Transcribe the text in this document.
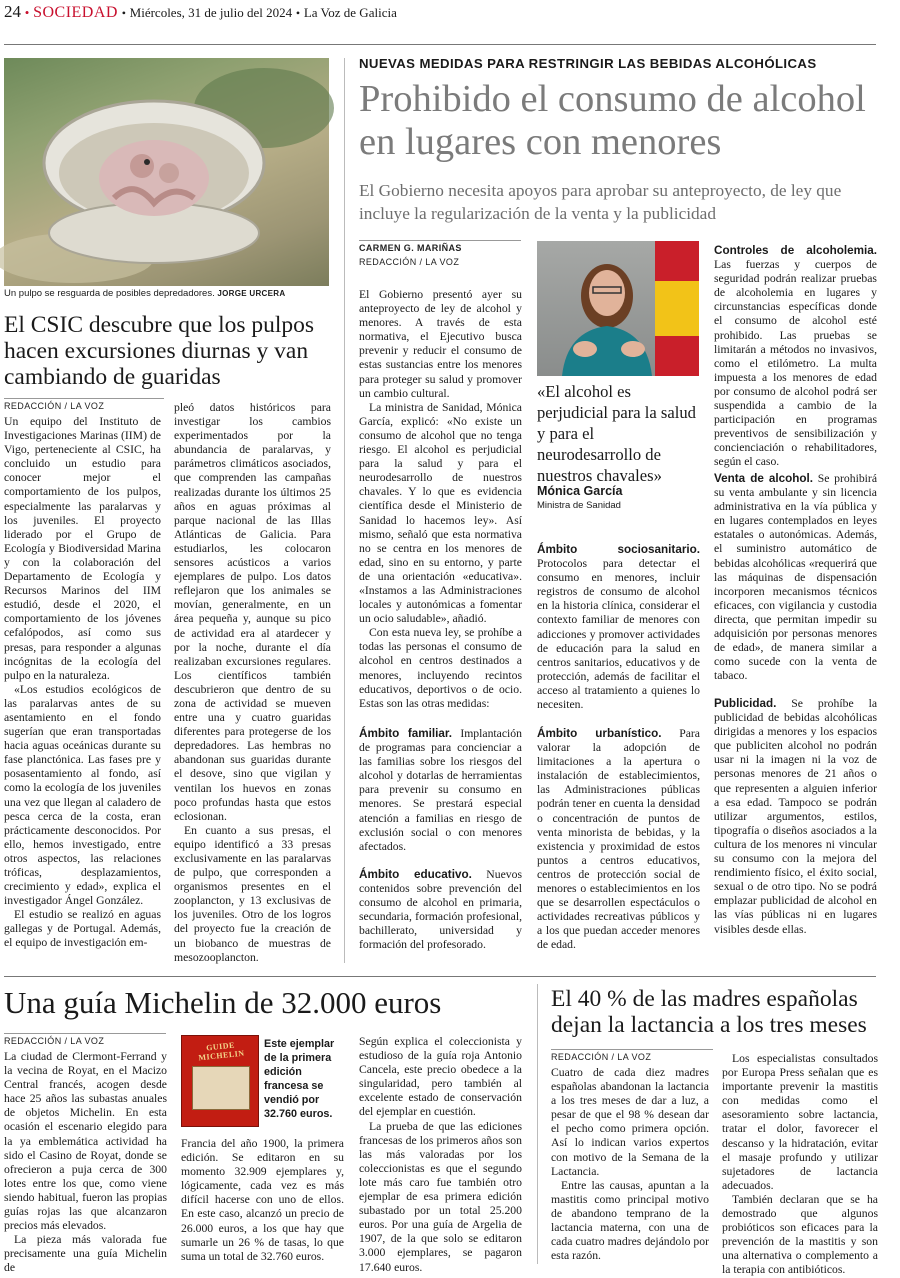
24 • SOCIEDAD • Miércoles, 31 de julio del 2024 • La Voz de Galicia
Un pulpo se resguarda de posibles depredadores. JORGE URCERA
El CSIC descubre que los pulpos hacen excursiones diurnas y van cambiando de guaridas
REDACCIÓN / LA VOZ

Un equipo del Instituto de Investigaciones Marinas (IIM) de Vigo, perteneciente al CSIC, ha concluido un estudio para conocer mejor el comportamiento de los pulpos, especialmente las paralarvas y los juveniles. El proyecto liderado por el Grupo de Ecología y Biodiversidad Marina y con la colaboración del Departamento de Ecología y Recursos Marinos del IIM estudió, desde el 2020, el comportamiento de los jóvenes cefalópodos, así como sus presas, para responder a algunas incógnitas de la ecología del pulpo en la naturaleza.

«Los estudios ecológicos de las paralarvas antes de su asentamiento en el fondo sugerían que eran transportadas hacia aguas oceánicas durante su fase planctónica. Las fases pre y posasentamiento al fondo, así como la ecología de los juveniles una vez que llegan al caladero de pesca cerca de la costa, eran prácticamente desconocidos. Por ello, hemos investigado, entre otros aspectos, las relaciones tróficas, desplazamientos, crecimiento y edad», explica el investigador Ángel González.

El estudio se realizó en aguas gallegas y de Portugal. Además, el equipo de investigación em-

pleó datos históricos para investigar los cambios experimentados por la abundancia de paralarvas, y parámetros climáticos asociados, que comprenden las campañas realizadas durante los últimos 25 años en aguas próximas al parque nacional de las Illas Atlánticas de Galicia. Para estudiarlos, les colocaron sensores acústicos a varios ejemplares de pulpo. Los datos reflejaron que los animales se movían, generalmente, en un área pequeña y, aunque su pico de actividad era al atardecer y por la noche, durante el día realizaban excursiones regulares. Los científicos también descubrieron que dentro de su zona de actividad se mueven entre una y cuatro guaridas diferentes para protegerse de los depredadores. Las hembras no abandonan sus guaridas durante el desove, sino que vigilan y ventilan los huevos en zonas poco profundas hasta que estos eclosionan.

En cuanto a sus presas, el equipo identificó a 33 presas exclusivamente en las paralarvas de pulpo, que corresponden a organismos presentes en el zooplancton, y 13 exclusivas de los juveniles. Otro de los logros del proyecto fue la creación de un biobanco de muestras de mesozooplancton.

NUEVAS MEDIDAS PARA RESTRINGIR LAS BEBIDAS ALCOHÓLICAS
Prohibido el consumo de alcohol en lugares con menores
El Gobierno necesita apoyos para aprobar su anteproyecto, de ley que incluye la regularización de la venta y la publicidad
CARMEN G. MARIÑAS
REDACCIÓN / LA VOZ

El Gobierno presentó ayer su anteproyecto de ley de alcohol y menores. A través de esta normativa, el Ejecutivo busca prevenir y reducir el consumo de estas sustancias entre los menores para proteger su salud y promover un cambio cultural.

La ministra de Sanidad, Mónica García, explicó: «No existe un consumo de alcohol que no tenga riesgo. El alcohol es perjudicial para la salud y para el neurodesarrollo de nuestros chavales. Y lo que es evidencia científica desde el Ministerio de Sanidad lo hacemos ley». Así mismo, señaló que esta normativa no se centra en los menores de edad, sino en su entorno, y parte de una orientación «educativa». «Instamos a las Administraciones locales y autonómicas a fomentar un ocio saludable», añadió.

Con esta nueva ley, se prohíbe a todas las personas el consumo de alcohol en centros destinados a menores, incluyendo recintos educativos, deportivos o de ocio. Estas son las otras medidas:

Ámbito familiar. Implantación de programas para concienciar a las familias sobre los riesgos del alcohol y dotarlas de herramientas para prevenir su consumo en menores. Se prestará especial atención a familias en riesgo de exclusión social o con menores afectados.
Ámbito educativo. Nuevos contenidos sobre prevención del consumo de alcohol en primaria, secundaria, formación profesional, bachillerato, universidad y formación del profesorado.
«El alcohol es perjudicial para la salud y para el neurodesarrollo de nuestros chavales»
Mónica García
Ministra de Sanidad
Ámbito sociosanitario. Protocolos para detectar el consumo en menores, incluir registros de consumo de alcohol en la historia clínica, considerar el contexto familiar de menores con adicciones y promover actividades de educación para la salud en centros sanitarios, educativos y de protección, además de facilitar el acceso al tratamiento a quienes lo necesiten.
Ámbito urbanístico. Para valorar la adopción de limitaciones a la apertura o instalación de establecimientos, las Administraciones públicas podrán tener en cuenta la densidad o concentración de puntos de venta minorista de bebidas, y la existencia y proximidad de estos puntos a centros educativos, centros de protección social de menores o establecimientos en los que se desarrollen espectáculos o actividades recreativas públicos y a los que puedan acceder menores de edad.
Controles de alcoholemia. Las fuerzas y cuerpos de seguridad podrán realizar pruebas de alcoholemia en lugares y circunstancias específicas donde el consumo de alcohol esté prohibido. Las pruebas se limitarán a métodos no invasivos, como el etilómetro. La multa impuesta a los menores de edad por consumo de alcohol podrá ser suspendida a cambio de la participación en programas preventivos de sensibilización y concienciación o rehabilitadores, según el caso.
Venta de alcohol. Se prohibirá su venta ambulante y sin licencia administrativa en la vía pública y en lugares contemplados en leyes estatales o autonómicas. Además, el suministro automático de bebidas alcohólicas «requerirá que las máquinas de dispensación incorporen mecanismos técnicos eficaces, con vigilancia y custodia directa, que permitan impedir su adquisición por personas menores de edad», de manera similar a como sucede con la venta de tabaco.
Publicidad. Se prohíbe la publicidad de bebidas alcohólicas dirigidas a menores y los espacios que publiciten alcohol no podrán usar ni la imagen ni la voz de personas menores de 21 años o que representen a alguien inferior a esa edad. Tampoco se podrán utilizar argumentos, estilos, tipografía o diseños asociados a la cultura de los menores ni vincular su consumo con la mejora del rendimiento físico, el éxito social, sexual o de otro tipo. No se podrá emplazar publicidad de alcohol en las vías públicas ni en lugares visibles desde ellas.
Una guía Michelin de 32.000 euros
REDACCIÓN / LA VOZ

La ciudad de Clermont-Ferrand y la vecina de Royat, en el Macizo Central francés, acogen desde hace 25 años las subastas anuales de objetos Michelin. En esta ocasión el escenario elegido para la ya emblemática actividad ha sido el Casino de Royat, donde se ofrecieron a puja cerca de 300 lotes entre los que, como viene siendo habitual, fueron las propias guías rojas las que alcanzaron precios más elevados.

La pieza más valorada fue precisamente una guía Michelin de

GUIDE MICHELIN
Este ejemplar de la primera edición francesa se vendió por 32.760 euros.

Francia del año 1900, la primera edición. Se editaron en su momento 32.909 ejemplares y, lógicamente, cada vez es más difícil hacerse con uno de ellos. En este caso, alcanzó un precio de 26.000 euros, a los que hay que sumarle un 26 % de tasas, lo que suma un total de 32.760 euros.

Según explica el coleccionista y estudioso de la guía roja Antonio Cancela, este precio obedece a la singularidad, pero también al excelente estado de conservación del ejemplar en cuestión.

La prueba de que las ediciones francesas de los primeros años son las más valoradas por los coleccionistas es que el segundo lote más caro fue también otro ejemplar de esa primera edición subastado por un total 25.200 euros. Por una guía de Argelia de 1907, de la que solo se editaron 3.000 ejemplares, se pagaron 17.640 euros.

El 40 % de las madres españolas dejan la lactancia a los tres meses
REDACCIÓN / LA VOZ

Cuatro de cada diez madres españolas abandonan la lactancia a los tres meses de dar a luz, a pesar de que el 98 % desean dar el pecho como primera opción. Así lo indican varios expertos con motivo de la Semana de la Lactancia.

Entre las causas, apuntan a la mastitis como principal motivo de abandono temprano de la lactancia materna, con una de cada cuatro madres dejándolo por esta razón.

Los especialistas consultados por Europa Press señalan que es importante prevenir la mastitis con medidas como el asesoramiento sobre lactancia, tratar el dolor, favorecer el descanso y la hidratación, evitar el masaje profundo y utilizar sujetadores de lactancia adecuados.

También declaran que se ha demostrado que algunos probióticos son eficaces para la prevención de la mastitis y son una alternativa o complemento a la terapia con antibióticos.
